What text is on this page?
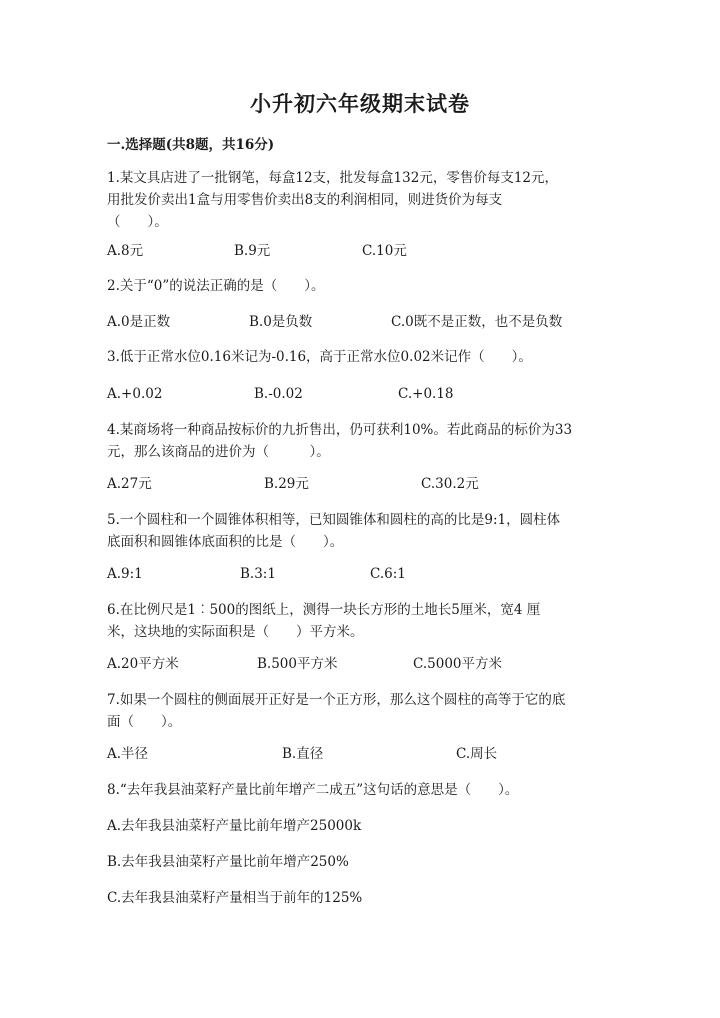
小升初六年级期末试卷
一.选择题(共8题，共16分)
1.某文具店进了一批钢笔，每盒12支，批发每盒132元，零售价每支12元，
用批发价卖出1盒与用零售价卖出8支的利润相同，则进货价为每支
（　　）。
A.8元	B.9元	C.10元
2.关于“0”的说法正确的是（　　）。
A.0是正数	B.0是负数	C.0既不是正数，也不是负数
3.低于正常水位0.16米记为-0.16，高于正常水位0.02米记作（　　）。
A.+0.02	B.-0.02	C.+0.18
4.某商场将一种商品按标价的九折售出，仍可获利10%。若此商品的标价为33
元，那么该商品的进价为（　　　）。
A.27元	B.29元	C.30.2元
5.一个圆柱和一个圆锥体积相等，已知圆锥体和圆柱的高的比是9:1，圆柱体
底面积和圆锥体底面积的比是（　　）。
A.9:1	B.3:1	C.6:1
6.在比例尺是1︰500的图纸上，测得一块长方形的土地长5厘米，宽4 厘
米，这块地的实际面积是（　　）平方米。
A.20平方米	B.500平方米	C.5000平方米
7.如果一个圆柱的侧面展开正好是一个正方形，那么这个圆柱的高等于它的底
面（　　）。
A.半径	B.直径	C.周长
8.“去年我县油菜籽产量比前年增产二成五”这句话的意思是（　　）。
A.去年我县油菜籽产量比前年增产25000k
B.去年我县油菜籽产量比前年增产250%
C.去年我县油菜籽产量相当于前年的125%
